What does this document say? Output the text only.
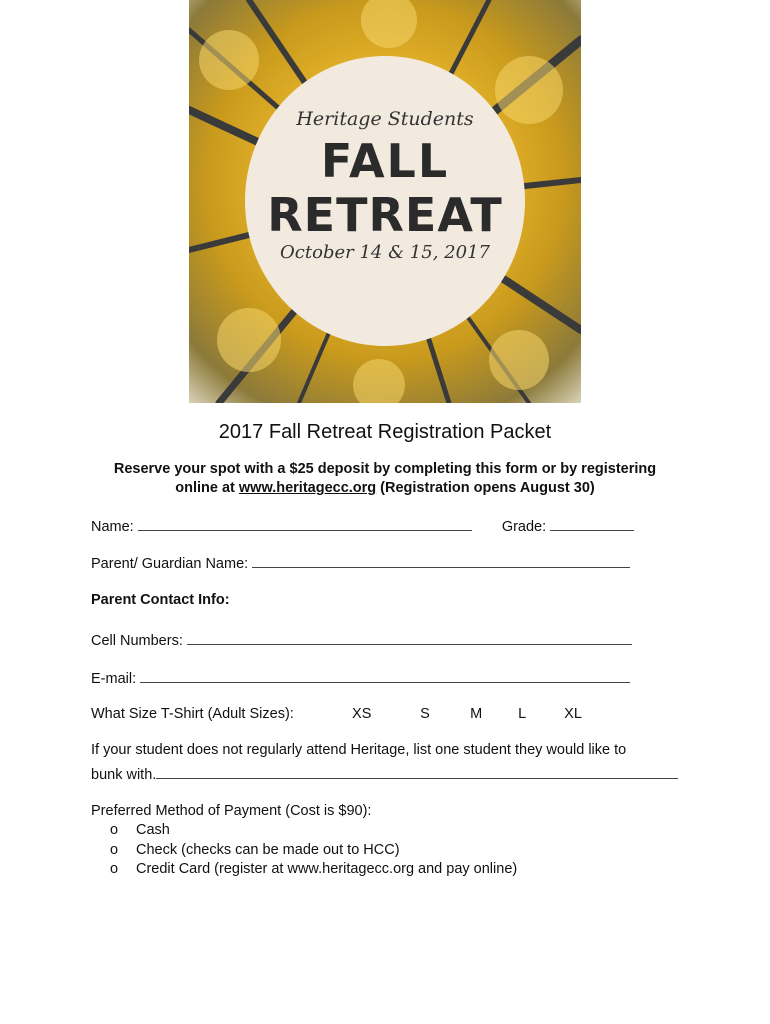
Heritage Students
FALL
RETREAT
October 14 & 15, 2017
2017 Fall Retreat Registration Packet
Reserve your spot with a $25 deposit by completing this form or by registering
online at www.heritagecc.org (Registration opens August 30)
Name:	Grade:
Parent/ Guardian Name:
Parent Contact Info:
Cell Numbers:
E-mail:
What Size T-Shirt (Adult Sizes):	XS	S	M L	XL
If your student does not regularly attend Heritage, list one student they would like to
bunk with.
Preferred Method of Payment (Cost is $90):
o	Cash
o	Check (checks can be made out to HCC)
o	Credit Card (register at www.heritagecc.org and pay online)
